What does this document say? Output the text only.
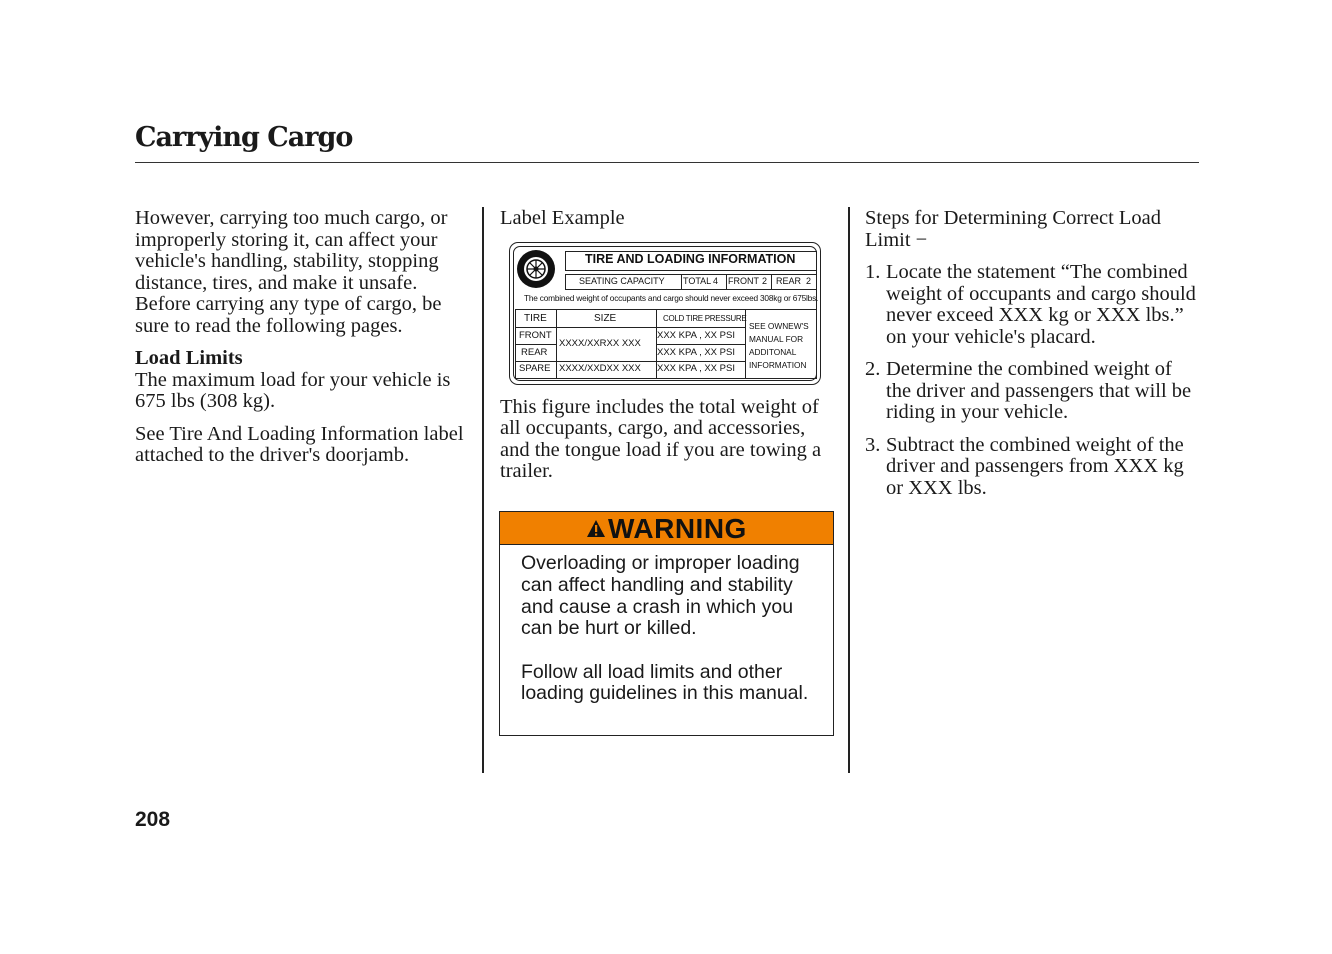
Carrying Cargo

However, carrying too much cargo, or improperly storing it, can affect your vehicle's handling, stability, stopping distance, tires, and make it unsafe. Before carrying any type of cargo, be sure to read the following pages.

Load Limits

The maximum load for your vehicle is 675 lbs (308 kg).

See Tire And Loading Information label attached to the driver's doorjamb.

Label Example

This figure includes the total weight of all occupants, cargo, and accessories, and the tongue load if you are towing a trailer.

TIRE AND LOADING INFORMATION
SEATING CAPACITY TOTAL 4 FRONT 2 REAR 2
The combined weight of occupants and cargo should never exceed 308kg or 675lbs.
TIRE	SIZE	COLD TIRE PRESSURE
FRONT
REAR
SPARE
XXXX/XXRXX XXX
XXXX/XXDXX XXX
XXX KPA , XX PSI
XXX KPA , XX PSI
XXX KPA , XX PSI
SEE OWNEW'S
MANUAL FOR
ADDITONAL
INFORMATION
WARNING

Overloading or improper loading can affect handling and stability and cause a crash in which you can be hurt or killed.

Follow all load limits and other loading guidelines in this manual.

Steps for Determining Correct Load Limit −

1. Locate the statement “The combined weight of occupants and cargo should never exceed XXX kg or XXX lbs.” on your vehicle's placard.
2. Determine the combined weight of the driver and passengers that will be riding in your vehicle.
3. Subtract the combined weight of the driver and passengers from XXX kg or XXX lbs.
208
